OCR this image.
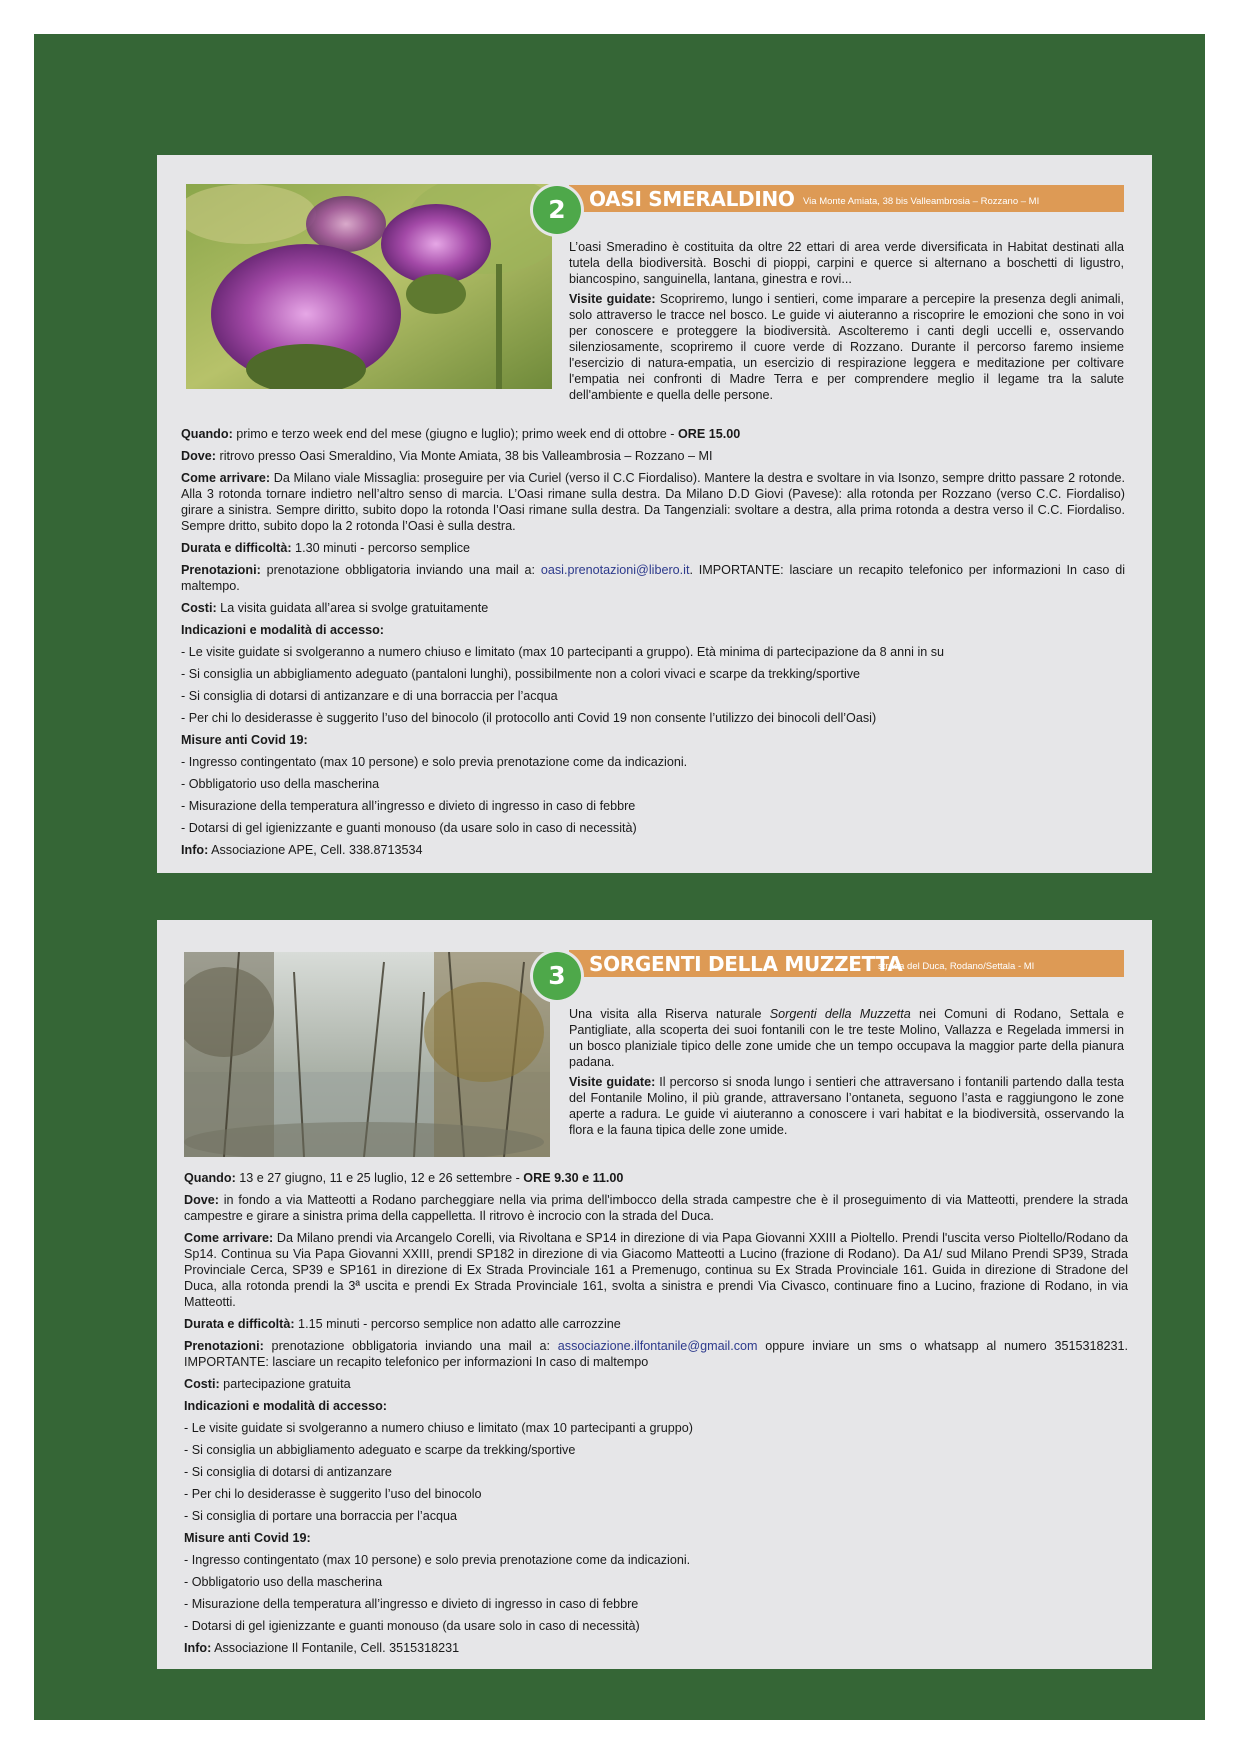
OASI SMERALDINO Via Monte Amiata, 38 bis Valleambrosia – Rozzano – MI
2

L’oasi Smeradino è costituita da oltre 22 ettari di area verde diversificata in Habitat destinati alla tutela della biodiversità. Boschi di pioppi, carpini e querce si alternano a boschetti di ligustro, biancospino, sanguinella, lantana, ginestra e rovi...

Visite guidate: Scopriremo, lungo i sentieri, come imparare a percepire la presenza degli animali, solo attraverso le tracce nel bosco. Le guide vi aiuteranno a riscoprire le emozioni che sono in voi per conoscere e proteggere la biodiversità. Ascolteremo i canti degli uccelli e, osservando silenziosamente, scopriremo il cuore verde di Rozzano. Durante il percorso faremo insieme l'esercizio di natura-empatia, un esercizio di respirazione leggera e meditazione per coltivare l'empatia nei confronti di Madre Terra e per comprendere meglio il legame tra la salute dell'ambiente e quella delle persone.

Quando: primo e terzo week end del mese (giugno e luglio); primo week end di ottobre - ORE 15.00
Dove: ritrovo presso Oasi Smeraldino, Via Monte Amiata, 38 bis Valleambrosia – Rozzano – MI
Come arrivare: Da Milano viale Missaglia: proseguire per via Curiel (verso il C.C Fiordaliso). Mantere la destra e svoltare in via Isonzo, sempre dritto passare 2 rotonde. Alla 3 rotonda tornare indietro nell’altro senso di marcia. L’Oasi rimane sulla destra. Da Milano D.D Giovi (Pavese): alla rotonda per Rozzano (verso C.C. Fiordaliso) girare a sinistra. Sempre diritto, subito dopo la rotonda l’Oasi rimane sulla destra. Da Tangenziali: svoltare a destra, alla prima rotonda a destra verso il C.C. Fiordaliso. Sempre dritto, subito dopo la 2 rotonda l’Oasi è sulla destra.
Durata e difficoltà: 1.30 minuti - percorso semplice
Prenotazioni: prenotazione obbligatoria inviando una mail a: oasi.prenotazioni@libero.it. IMPORTANTE: lasciare un recapito telefonico per informazioni In caso di maltempo.
Costi: La visita guidata all’area si svolge gratuitamente
Indicazioni e modalità di accesso:
- Le visite guidate si svolgeranno a numero chiuso e limitato (max 10 partecipanti a gruppo). Età minima di partecipazione da 8 anni in su
- Si consiglia un abbigliamento adeguato (pantaloni lunghi), possibilmente non a colori vivaci e scarpe da trekking/sportive
- Si consiglia di dotarsi di antizanzare e di una borraccia per l’acqua
- Per chi lo desiderasse è suggerito l’uso del binocolo (il protocollo anti Covid 19 non consente l’utilizzo dei binocoli dell’Oasi)
Misure anti Covid 19:
- Ingresso contingentato (max 10 persone) e solo previa prenotazione come da indicazioni.
- Obbligatorio uso della mascherina
- Misurazione della temperatura all’ingresso e divieto di ingresso in caso di febbre
- Dotarsi di gel igienizzante e guanti monouso (da usare solo in caso di necessità)
Info: Associazione APE, Cell. 338.8713534
SORGENTI DELLA MUZZETTA
strada del Duca, Rodano/Settala - MI
3

Una visita alla Riserva naturale Sorgenti della Muzzetta nei Comuni di Rodano, Settala e Pantigliate, alla scoperta dei suoi fontanili con le tre teste Molino, Vallazza e Regelada immersi in un bosco planiziale tipico delle zone umide che un tempo occupava la maggior parte della pianura padana.

Visite guidate: Il percorso si snoda lungo i sentieri che attraversano i fontanili partendo dalla testa del Fontanile Molino, il più grande, attraversano l’ontaneta, seguono l’asta e raggiungono le zone aperte a radura. Le guide vi aiuteranno a conoscere i vari habitat e la biodiversità, osservando la flora e la fauna tipica delle zone umide.

Quando: 13 e 27 giugno, 11 e 25 luglio, 12 e 26 settembre - ORE 9.30 e 11.00
Dove: in fondo a via Matteotti a Rodano parcheggiare nella via prima dell'imbocco della strada campestre che è il proseguimento di via Matteotti, prendere la strada campestre e girare a sinistra prima della cappelletta. Il ritrovo è incrocio con la strada del Duca.
Come arrivare: Da Milano prendi via Arcangelo Corelli, via Rivoltana e SP14 in direzione di via Papa Giovanni XXIII a Pioltello. Prendi l'uscita verso Pioltello/Rodano da Sp14. Continua su Via Papa Giovanni XXIII, prendi SP182 in direzione di via Giacomo Matteotti a Lucino (frazione di Rodano). Da A1/ sud Milano Prendi SP39, Strada Provinciale Cerca, SP39 e SP161 in direzione di Ex Strada Provinciale 161 a Premenugo, continua su Ex Strada Provinciale 161. Guida in direzione di Stradone del Duca, alla rotonda prendi la 3ª uscita e prendi Ex Strada Provinciale 161, svolta a sinistra e prendi Via Civasco, continuare fino a Lucino, frazione di Rodano, in via Matteotti.
Durata e difficoltà: 1.15 minuti - percorso semplice non adatto alle carrozzine
Prenotazioni: prenotazione obbligatoria inviando una mail a: associazione.ilfontanile@gmail.com oppure inviare un sms o whatsapp al numero 3515318231. IMPORTANTE: lasciare un recapito telefonico per informazioni In caso di maltempo
Costi: partecipazione gratuita
Indicazioni e modalità di accesso:
- Le visite guidate si svolgeranno a numero chiuso e limitato (max 10 partecipanti a gruppo)
- Si consiglia un abbigliamento adeguato e scarpe da trekking/sportive
- Si consiglia di dotarsi di antizanzare
- Per chi lo desiderasse è suggerito l’uso del binocolo
- Si consiglia di portare una borraccia per l’acqua
Misure anti Covid 19:
- Ingresso contingentato (max 10 persone) e solo previa prenotazione come da indicazioni.
- Obbligatorio uso della mascherina
- Misurazione della temperatura all’ingresso e divieto di ingresso in caso di febbre
- Dotarsi di gel igienizzante e guanti monouso (da usare solo in caso di necessità)
Info: Associazione Il Fontanile, Cell. 3515318231
